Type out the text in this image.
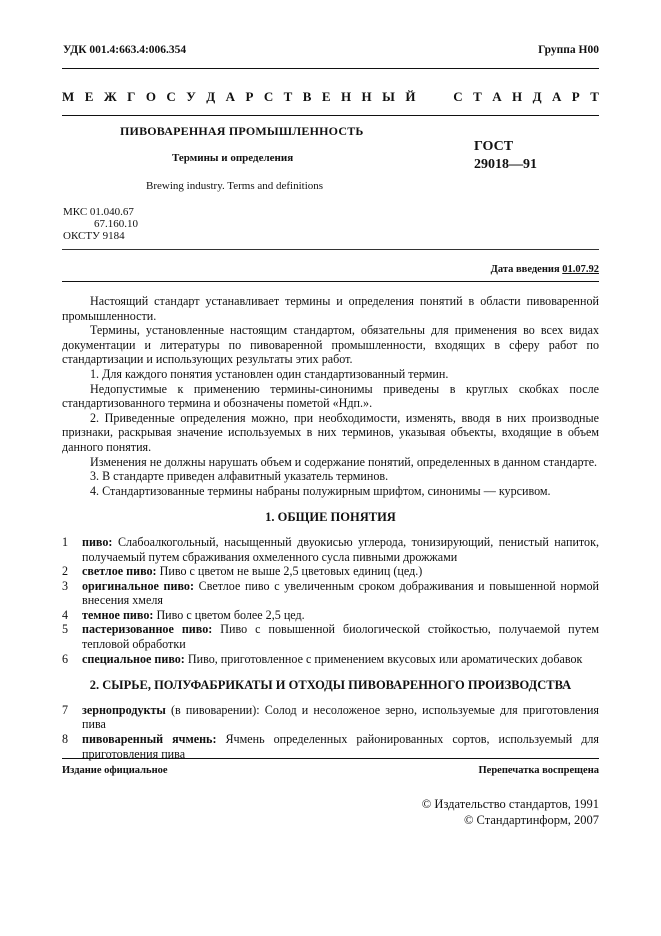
УДК 001.4:663.4:006.354	Группа Н00
М Е Ж Г О С У Д А Р С Т В Е Н Н Ы Й

	С Т А Н Д А Р Т
ПИВОВАРЕННАЯ ПРОМЫШЛЕННОСТЬ
Термины и определения
ГОСТ
29018—91
Brewing industry. Terms and definitions
МКС 01.040.67
67.160.10
ОКСТУ 9184
Дата введения 01.07.92

Настоящий стандарт устанавливает термины и определения понятий в области пивоваренной промышленности.

Термины, установленные настоящим стандартом, обязательны для применения во всех видах документации и литературы по пивоваренной промышленности, входящих в сферу работ по стандартизации и использующих результаты этих работ.

1. Для каждого понятия установлен один стандартизованный термин.

Недопустимые к применению термины-синонимы приведены в круглых скобках после стандартизованного термина и обозначены пометой «Ндп.».

2. Приведенные определения можно, при необходимости, изменять, вводя в них производные признаки, раскрывая значение используемых в них терминов, указывая объекты, входящие в объем данного понятия.

Изменения не должны нарушать объем и содержание понятий, определенных в данном стандарте.

3. В стандарте приведен алфавитный указатель терминов.

4. Стандартизованные термины набраны полужирным шрифтом, синонимы — курсивом.

1. ОБЩИЕ ПОНЯТИЯ
1	пиво: Слабоалкогольный, насыщенный двуокисью углерода, тонизирующий, пенистый напиток, получаемый путем сбраживания охмеленного сусла пивными дрожжами
2	светлое пиво: Пиво с цветом не выше 2,5 цветовых единиц (цед.)
3	оригинальное пиво: Светлое пиво с увеличенным сроком дображивания и повышенной нормой внесения хмеля
4	темное пиво: Пиво с цветом более 2,5 цед.
5	пастеризованное пиво: Пиво с повышенной биологической стойкостью, получаемой путем тепловой обработки
6	специальное пиво: Пиво, приготовленное с применением вкусовых или ароматических добавок
2. СЫРЬЕ, ПОЛУФАБРИКАТЫ И ОТХОДЫ ПИВОВАРЕННОГО ПРОИЗВОДСТВА
7	зернопродукты (в пивоварении): Солод и несоложеное зерно, используемые для приготовления пива
8	пивоваренный ячмень: Ячмень определенных районированных сортов, используемый для приготовления пива
Издание официальное	Перепечатка воспрещена
© Издательство стандартов, 1991
© Стандартинформ, 2007
